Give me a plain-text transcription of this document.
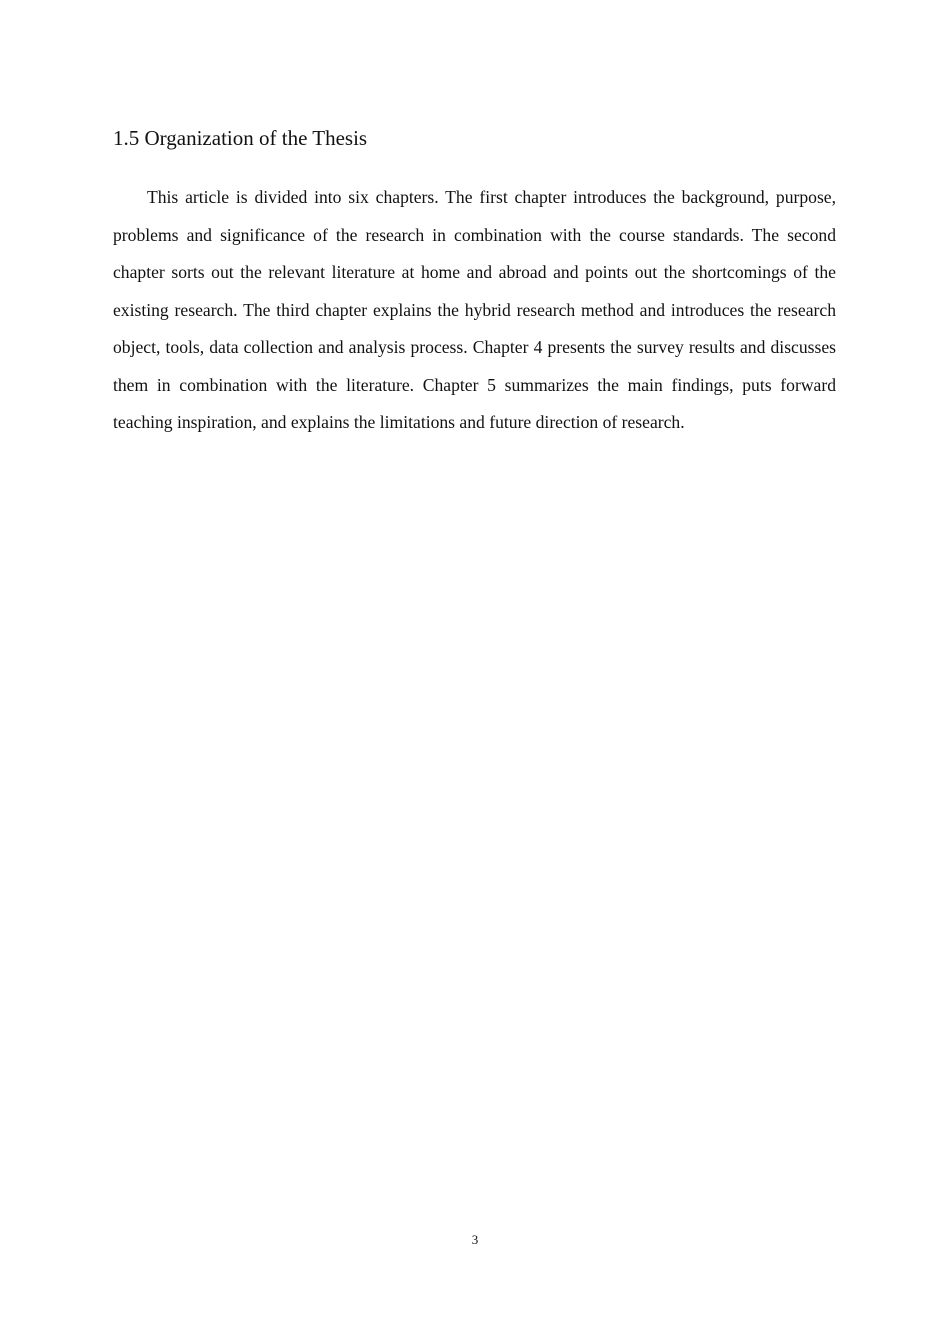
1.5 Organization of the Thesis

This article is divided into six chapters. The first chapter introduces the background, purpose, problems and significance of the research in combination with the course standards. The second chapter sorts out the relevant literature at home and abroad and points out the shortcomings of the existing research. The third chapter explains the hybrid research method and introduces the research object, tools, data collection and analysis process. Chapter 4 presents the survey results and discusses them in combination with the literature. Chapter 5 summarizes the main findings, puts forward teaching inspiration, and explains the limitations and future direction of research.

3
